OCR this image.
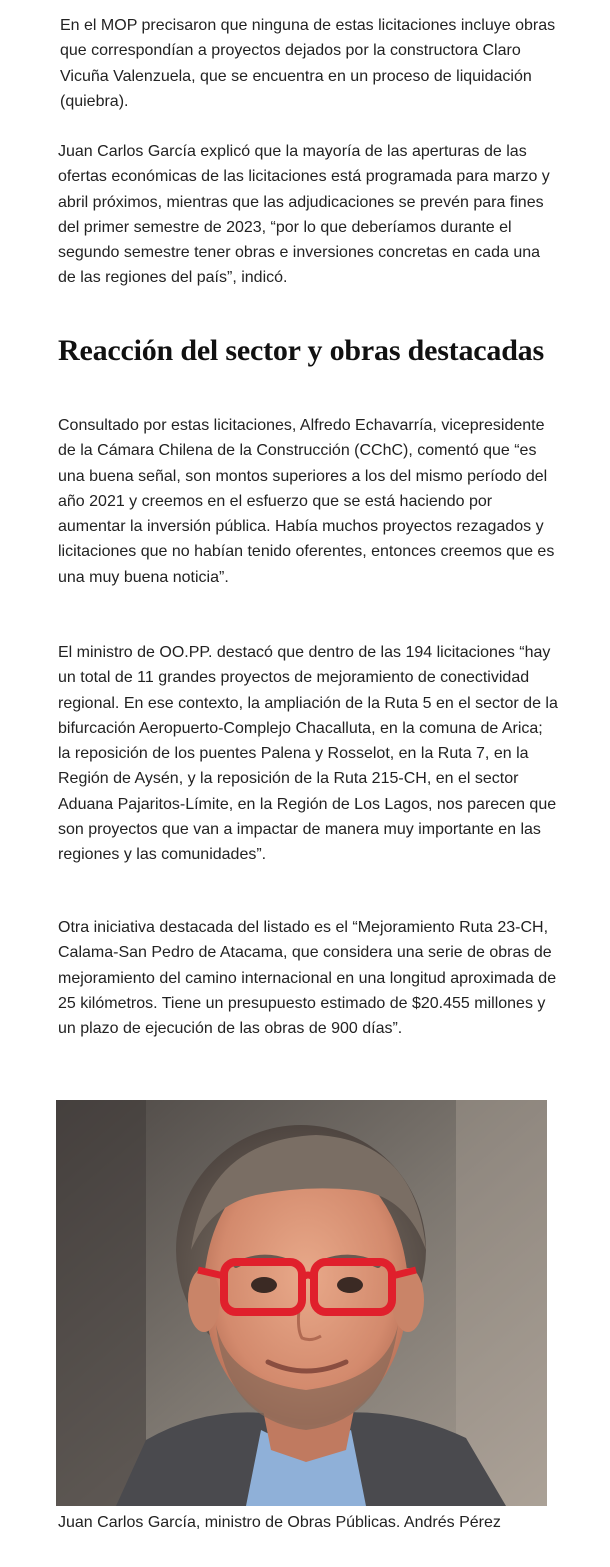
En el MOP precisaron que ninguna de estas licitaciones incluye obras que correspondían a proyectos dejados por la constructora Claro Vicuña Valenzuela, que se encuentra en un proceso de liquidación (quiebra).

Juan Carlos García explicó que la mayoría de las aperturas de las ofertas económicas de las licitaciones está programada para marzo y abril próximos, mientras que las adjudicaciones se prevén para fines del primer semestre de 2023, “por lo que deberíamos durante el segundo semestre tener obras e inversiones concretas en cada una de las regiones del país”, indicó.

Reacción del sector y obras destacadas

Consultado por estas licitaciones, Alfredo Echavarría, vicepresidente de la Cámara Chilena de la Construcción (CChC), comentó que “es una buena señal, son montos superiores a los del mismo período del año 2021 y creemos en el esfuerzo que se está haciendo por aumentar la inversión pública. Había muchos proyectos rezagados y licitaciones que no habían tenido oferentes, entonces creemos que es una muy buena noticia”.

El ministro de OO.PP. destacó que dentro de las 194 licitaciones “hay un total de 11 grandes proyectos de mejoramiento de conectividad regional. En ese contexto, la ampliación de la Ruta 5 en el sector de la bifurcación Aeropuerto-Complejo Chacalluta, en la comuna de Arica; la reposición de los puentes Palena y Rosselot, en la Ruta 7, en la Región de Aysén, y la reposición de la Ruta 215-CH, en el sector Aduana Pajaritos-Límite, en la Región de Los Lagos, nos parecen que son proyectos que van a impactar de manera muy importante en las regiones y las comunidades”.

Otra iniciativa destacada del listado es el “Mejoramiento Ruta 23-CH, Calama-San Pedro de Atacama, que considera una serie de obras de mejoramiento del camino internacional en una longitud aproximada de 25 kilómetros. Tiene un presupuesto estimado de $20.455 millones y un plazo de ejecución de las obras de 900 días”.

Juan Carlos García, ministro de Obras Públicas. Andrés Pérez
